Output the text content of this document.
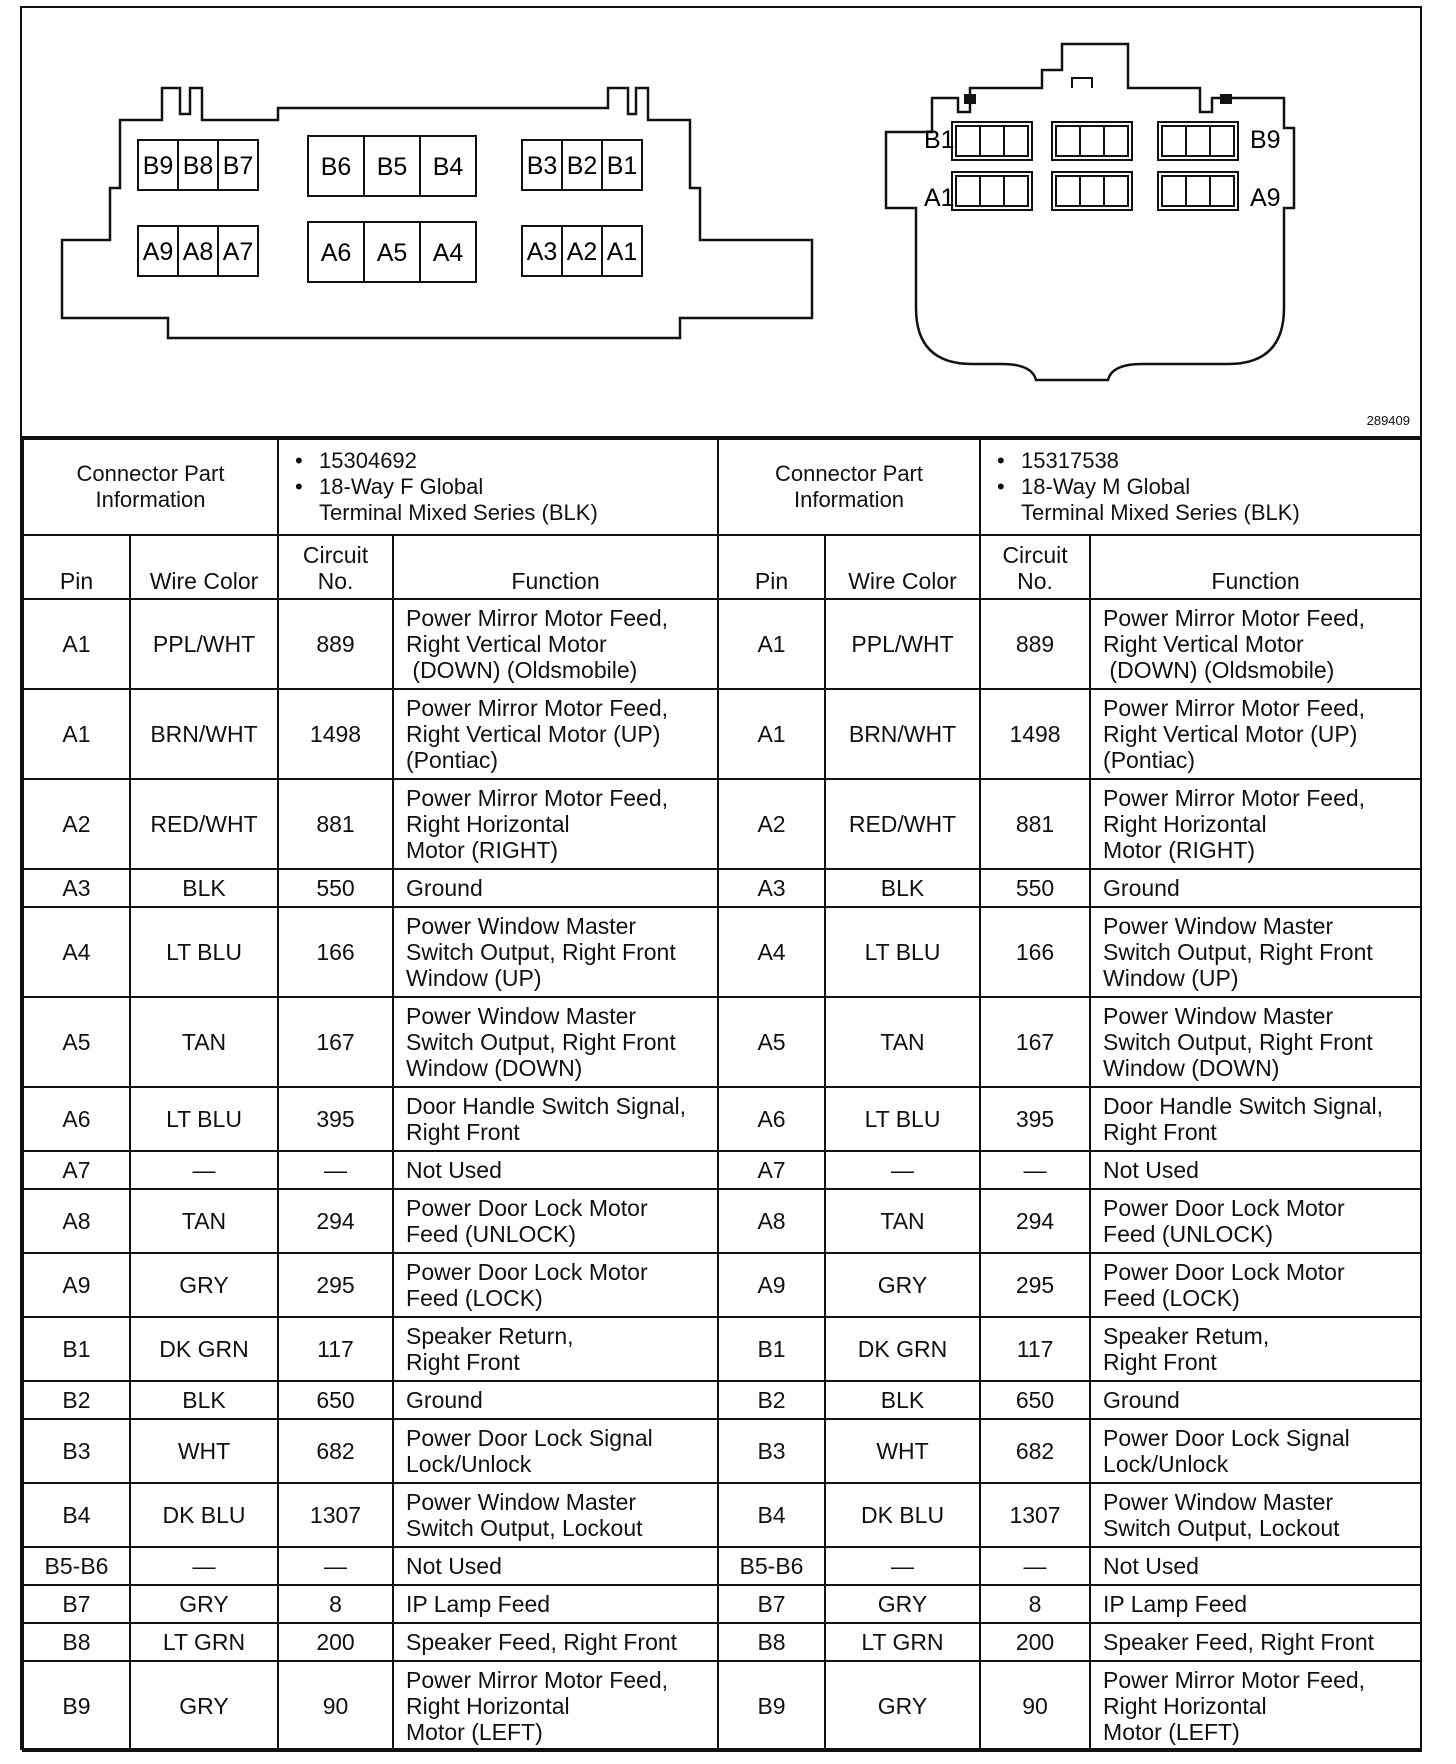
B9 B8 B7	B6 B5 B4	B3 B2 B1
A9 A8 A7	A6 A5 A4	A3 A2 A1
B1	B9
A1	A9
289409
Connector Part Information		• 15304692
• 18-Way F Global
Terminal Mixed Series (BLK)		Connector Part Information		• 15317538
• 18-Way M Global
Terminal Mixed Series (BLK)

Pin	Wire Color	Circuit
No.	Function	Pin	Wire Color	Circuit
No.	Function
A1	PPL/WHT	889	Power Mirror Motor Feed,
Right Vertical Motor
(DOWN) (Oldsmobile)	A1	PPL/WHT	889	Power Mirror Motor Feed,
Right Vertical Motor
(DOWN) (Oldsmobile)

A1	BRN/WHT	1498	Power Mirror Motor Feed,
Right Vertical Motor (UP)
(Pontiac)	A1	BRN/WHT	1498	Power Mirror Motor Feed,
Right Vertical Motor (UP)
(Pontiac)

A2	RED/WHT	881	Power Mirror Motor Feed,
Right Horizontal
Motor (RIGHT)	A2	RED/WHT	881	Power Mirror Motor Feed,
Right Horizontal
Motor (RIGHT)

A3	BLK	550	Ground	A3	BLK	550	Ground

A4	LT BLU	166	Power Window Master
Switch Output, Right Front
Window (UP)	A4	LT BLU	166	Power Window Master
Switch Output, Right Front
Window (UP)

A5	TAN	167	Power Window Master
Switch Output, Right Front
Window (DOWN)	A5	TAN	167	Power Window Master
Switch Output, Right Front
Window (DOWN)

A6	LT BLU	395	Door Handle Switch Signal,
Right Front	A6	LT BLU	395	Door Handle Switch Signal,
Right Front

A7	—	—	Not Used	A7	—	—	Not Used

A8	TAN	294	Power Door Lock Motor
Feed (UNLOCK)	A8	TAN	294	Power Door Lock Motor
Feed (UNLOCK)

A9	GRY	295	Power Door Lock Motor
Feed (LOCK)	A9	GRY	295	Power Door Lock Motor
Feed (LOCK)

B1	DK GRN	117	Speaker Return,
Right Front	B1	DK GRN	117	Speaker Retum,
Right Front

B2	BLK	650	Ground	B2	BLK	650	Ground

B3	WHT	682	Power Door Lock Signal
Lock/Unlock	B3	WHT	682	Power Door Lock Signal
Lock/Unlock

B4	DK BLU	1307	Power Window Master
Switch Output, Lockout	B4	DK BLU	1307	Power Window Master
Switch Output, Lockout

B5-B6	—	—	Not Used	B5-B6	—	—	Not Used

B7	GRY	8	IP Lamp Feed	B7	GRY	8	IP Lamp Feed

B8	LT GRN	200	Speaker Feed, Right Front	B8	LT GRN	200	Speaker Feed, Right Front

B9	GRY	90	Power Mirror Motor Feed,
Right Horizontal
Motor (LEFT)	B9	GRY	90	Power Mirror Motor Feed,
Right Horizontal
Motor (LEFT)
